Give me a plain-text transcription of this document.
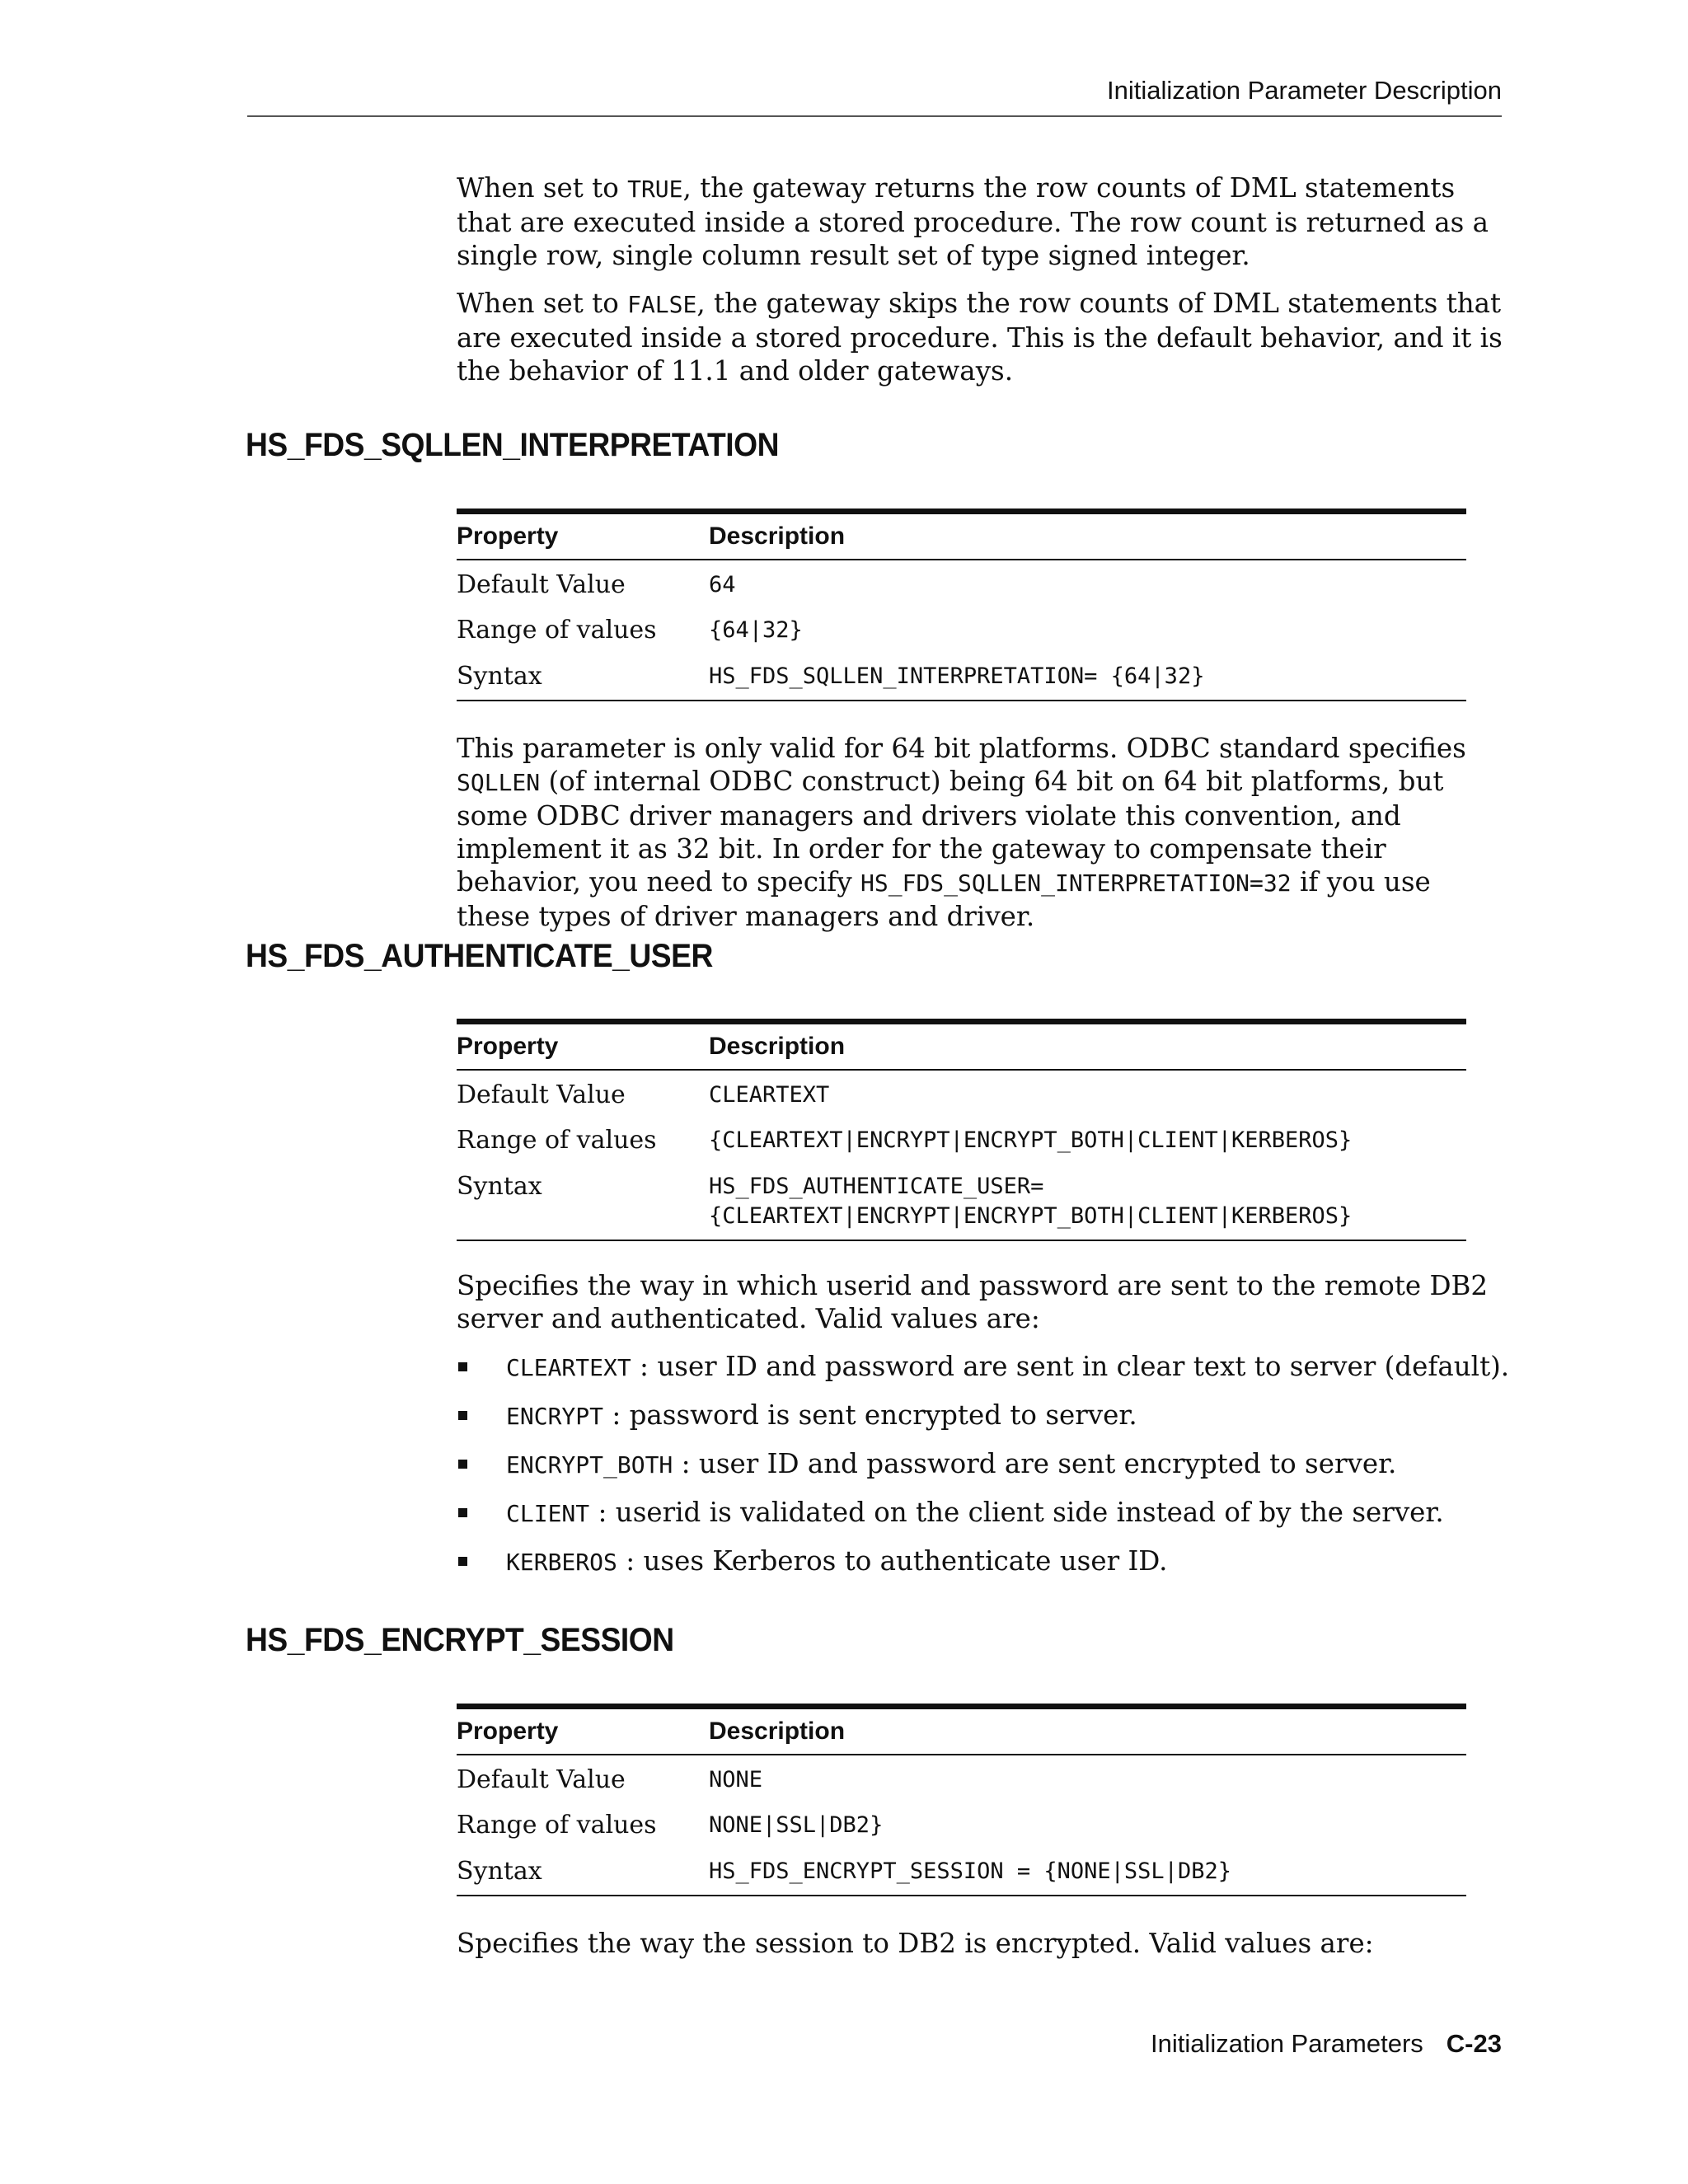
Initialization Parameter Description

When set to TRUE, the gateway returns the row counts of DML statements that are executed inside a stored procedure. The row count is returned as a single row, single column result set of type signed integer.

When set to FALSE, the gateway skips the row counts of DML statements that are executed inside a stored procedure. This is the default behavior, and it is the behavior of 11.1 and older gateways.

HS_FDS_SQLLEN_INTERPRETATION
Property	Description
Default Value	64
Range of values	{64|32}
Syntax	HS_FDS_SQLLEN_INTERPRETATION= {64|32}

This parameter is only valid for 64 bit platforms. ODBC standard specifies SQLLEN (of internal ODBC construct) being 64 bit on 64 bit platforms, but some ODBC driver managers and drivers violate this convention, and implement it as 32 bit. In order for the gateway to compensate their behavior, you need to specify HS_FDS_SQLLEN_INTERPRETATION=32 if you use these types of driver managers and driver.

HS_FDS_AUTHENTICATE_USER
Property	Description
Default Value	CLEARTEXT
Range of values	{CLEARTEXT|ENCRYPT|ENCRYPT_BOTH|CLIENT|KERBEROS}
Syntax	HS_FDS_AUTHENTICATE_USER=
{CLEARTEXT|ENCRYPT|ENCRYPT_BOTH|CLIENT|KERBEROS}

Specifies the way in which userid and password are sent to the remote DB2 server and authenticated. Valid values are:

CLEARTEXT : user ID and password are sent in clear text to server (default).
ENCRYPT : password is sent encrypted to server.
ENCRYPT_BOTH : user ID and password are sent encrypted to server.
CLIENT : userid is validated on the client side instead of by the server.
KERBEROS : uses Kerberos to authenticate user ID.
HS_FDS_ENCRYPT_SESSION
Property	Description
Default Value	NONE
Range of values	NONE|SSL|DB2}
Syntax	HS_FDS_ENCRYPT_SESSION = {NONE|SSL|DB2}

Specifies the way the session to DB2 is encrypted. Valid values are:

Initialization Parameters C-23
